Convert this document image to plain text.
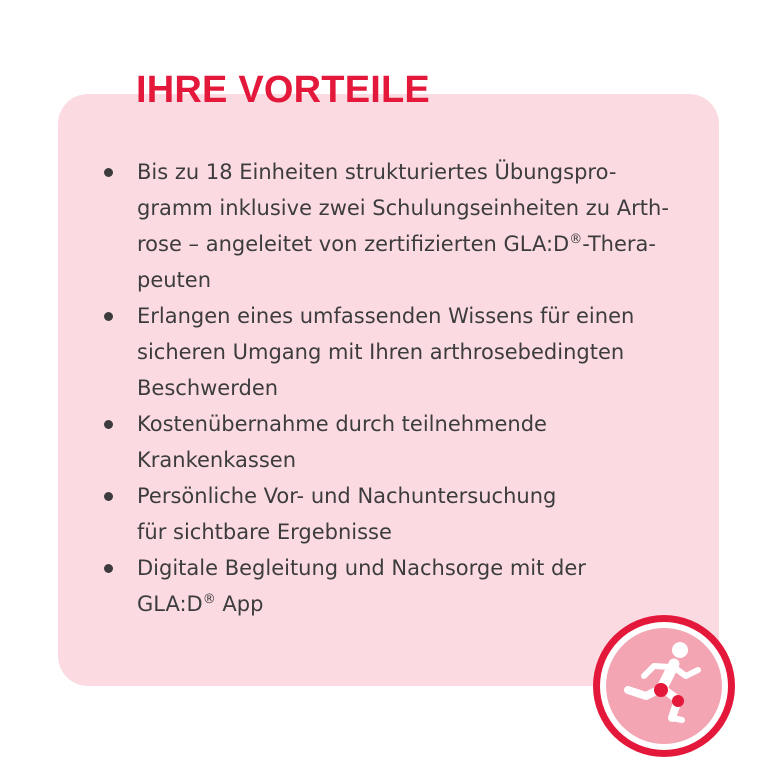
IHRE VORTEILE
Bis zu 18 Einheiten strukturiertes Übungspro-
gramm inklusive zwei Schulungseinheiten zu Arth-
rose – angeleitet von zertifizierten GLA:D®-Thera-
peuten
Erlangen eines umfassenden Wissens für einen
sicheren Umgang mit Ihren arthrosebedingten
Beschwerden
Kostenübernahme durch teilnehmende
Krankenkassen
Persönliche Vor- und Nachuntersuchung
für sichtbare Ergebnisse
Digitale Begleitung und Nachsorge mit der
GLA:D® App
